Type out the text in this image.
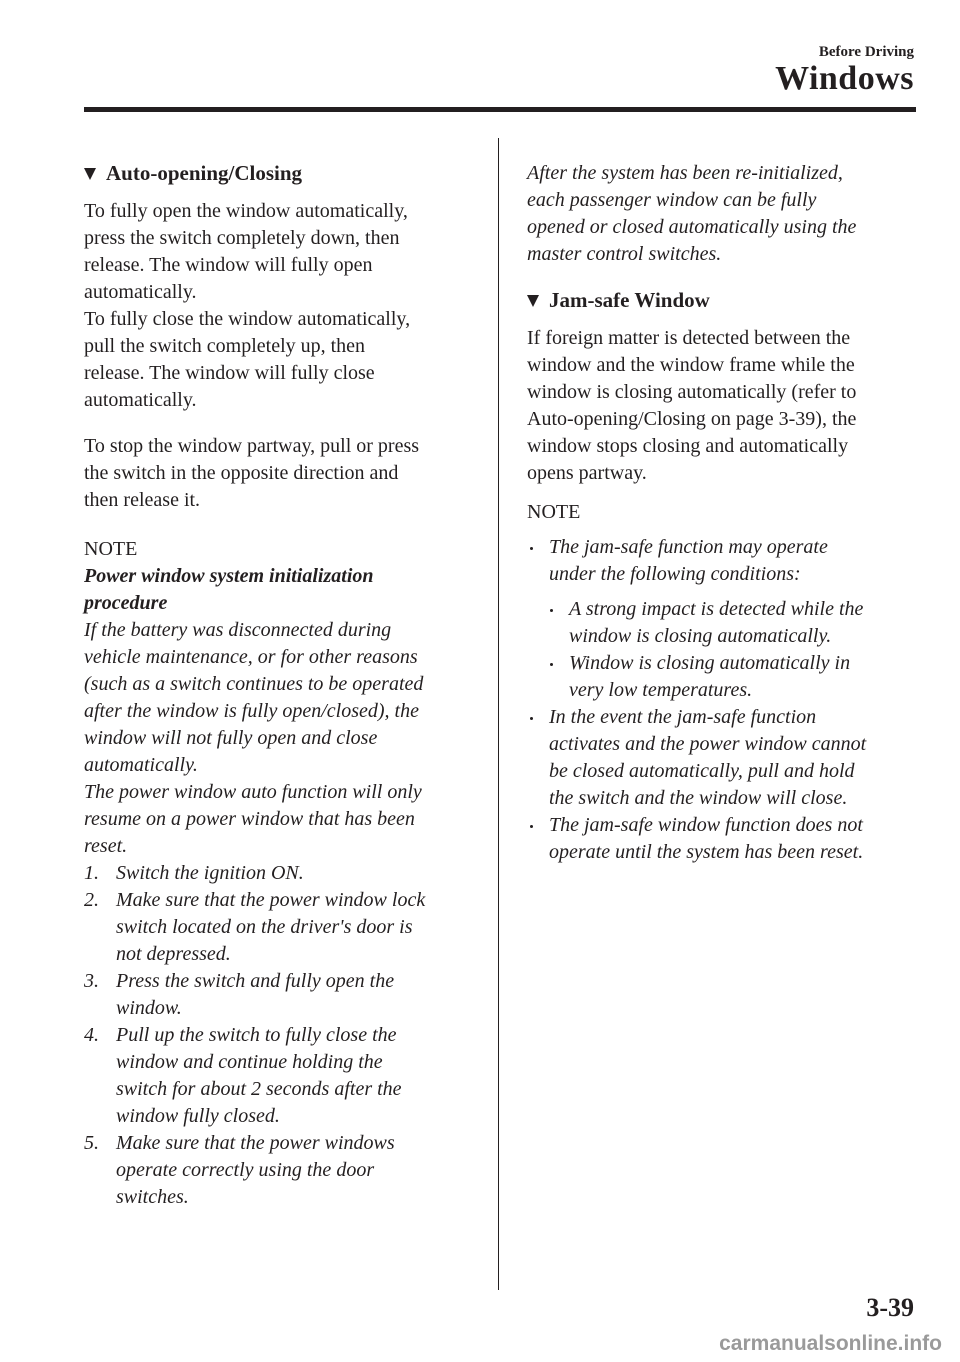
Before Driving
Windows
Auto-opening/Closing

To fully open the window automatically,
press the switch completely down, then
release. The window will fully open
automatically.
To fully close the window automatically,
pull the switch completely up, then
release. The window will fully close
automatically.

To stop the window partway, pull or press
the switch in the opposite direction and
then release it.

NOTE

Power window system initialization
procedure

If the battery was disconnected during
vehicle maintenance, or for other reasons
(such as a switch continues to be operated
after the window is fully open/closed), the
window will not fully open and close
automatically.
The power window auto function will only
resume on a power window that has been
reset.

1. Switch the ignition ON.
2. Make sure that the power window lock
switch located on the driver's door is
not depressed.
3. Press the switch and fully open the
window.
4. Pull up the switch to fully close the
window and continue holding the
switch for about 2 seconds after the
window fully closed.
5. Make sure that the power windows
operate correctly using the door
switches.

After the system has been re-initialized,
each passenger window can be fully
opened or closed automatically using the
master control switches.

Jam-safe Window

If foreign matter is detected between the
window and the window frame while the
window is closing automatically (refer to
Auto-opening/Closing on page 3-39), the
window stops closing and automatically
opens partway.

NOTE

The jam-safe function may operate
under the following conditions:
A strong impact is detected while the
window is closing automatically.
Window is closing automatically in
very low temperatures.
In the event the jam-safe function
activates and the power window cannot
be closed automatically, pull and hold
the switch and the window will close.
The jam-safe window function does not
operate until the system has been reset.
3-39
carmanualsonline.info
